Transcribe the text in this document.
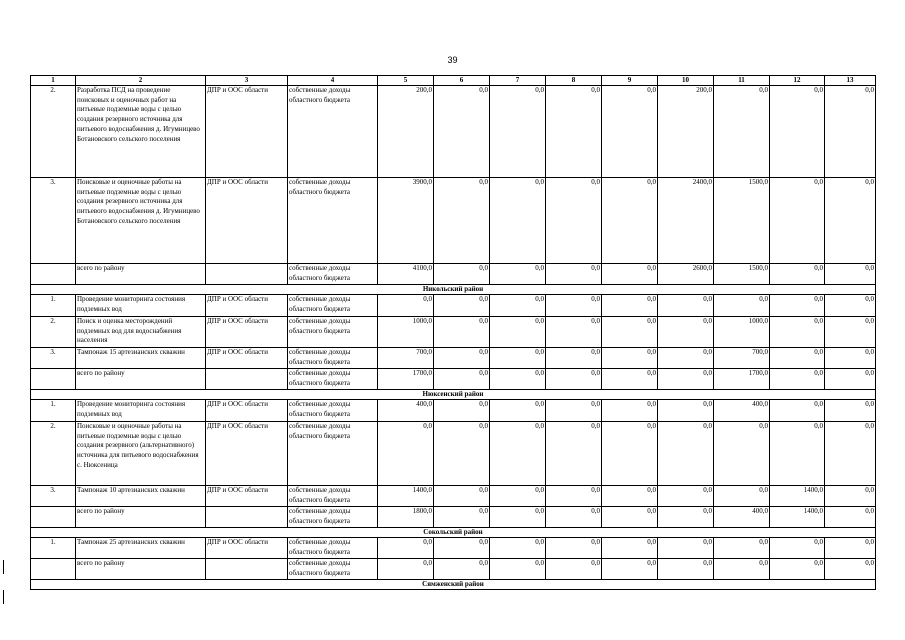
39
1	2	3	4	5	6	7	8	9	10	11	12	13
2.	Разработка ПСД на проведение поисковых и оценочных работ на питьевые подземные воды с целью создания резервного источника для питьевого водоснабжения д. Игумницево Ботановского сельского поселения	ДПР и ООС области	собственные доходы областного бюджета	200,0	0,0	0,0	0,0	0,0	200,0	0,0	0,0	0,0
3.	Поисковые и оценочные работы на питьевые подземные воды с целью создания резервного источника для питьевого водоснабжения д. Игумницево Ботановского сельского поселения	ДПР и ООС области	собственные доходы областного бюджета	3900,0	0,0	0,0	0,0	0,0	2400,0	1500,0	0,0	0,0
	всего по району		собственные доходы областного бюджета	4100,0	0,0	0,0	0,0	0,0	2600,0	1500,0	0,0	0,0
Никольский район												
1.	Проведение мониторинга состояния подземных вод	ДПР и ООС области	собственные доходы областного бюджета	0,0	0,0	0,0	0,0	0,0	0,0	0,0	0,0	0,0
2.	Поиск и оценка месторождений подземных вод для водоснабжения населения	ДПР и ООС области	собственные доходы областного бюджета	1000,0	0,0	0,0	0,0	0,0	0,0	1000,0	0,0	0,0
3.	Тампонаж 15 артезианских скважин	ДПР и ООС области	собственные доходы областного бюджета	700,0	0,0	0,0	0,0	0,0	0,0	700,0	0,0	0,0
	всего по району		собственные доходы областного бюджета	1700,0	0,0	0,0	0,0	0,0	0,0	1700,0	0,0	0,0
Нюксенский район												
1.	Проведение мониторинга состояния подземных вод	ДПР и ООС области	собственные доходы областного бюджета	400,0	0,0	0,0	0,0	0,0	0,0	400,0	0,0	0,0
2.	Поисковые и оценочные работы на питьевые подземные воды с целью создания резервного (альтернативного) источника для питьевого водоснабжения с. Нюксеница	ДПР и ООС области	собственные доходы областного бюджета	0,0	0,0	0,0	0,0	0,0	0,0	0,0	0,0	0,0
3.	Тампонаж 10 артезианских скважин	ДПР и ООС области	собственные доходы областного бюджета	1400,0	0,0	0,0	0,0	0,0	0,0	0,0	1400,0	0,0
	всего по району		собственные доходы областного бюджета	1800,0	0,0	0,0	0,0	0,0	0,0	400,0	1400,0	0,0
Сокольский район												
1.	Тампонаж 25 артезианских скважин	ДПР и ООС области	собственные доходы областного бюджета	0,0	0,0	0,0	0,0	0,0	0,0	0,0	0,0	0,0
	всего по району		собственные доходы областного бюджета	0,0	0,0	0,0	0,0	0,0	0,0	0,0	0,0	0,0
Сямженский район												
